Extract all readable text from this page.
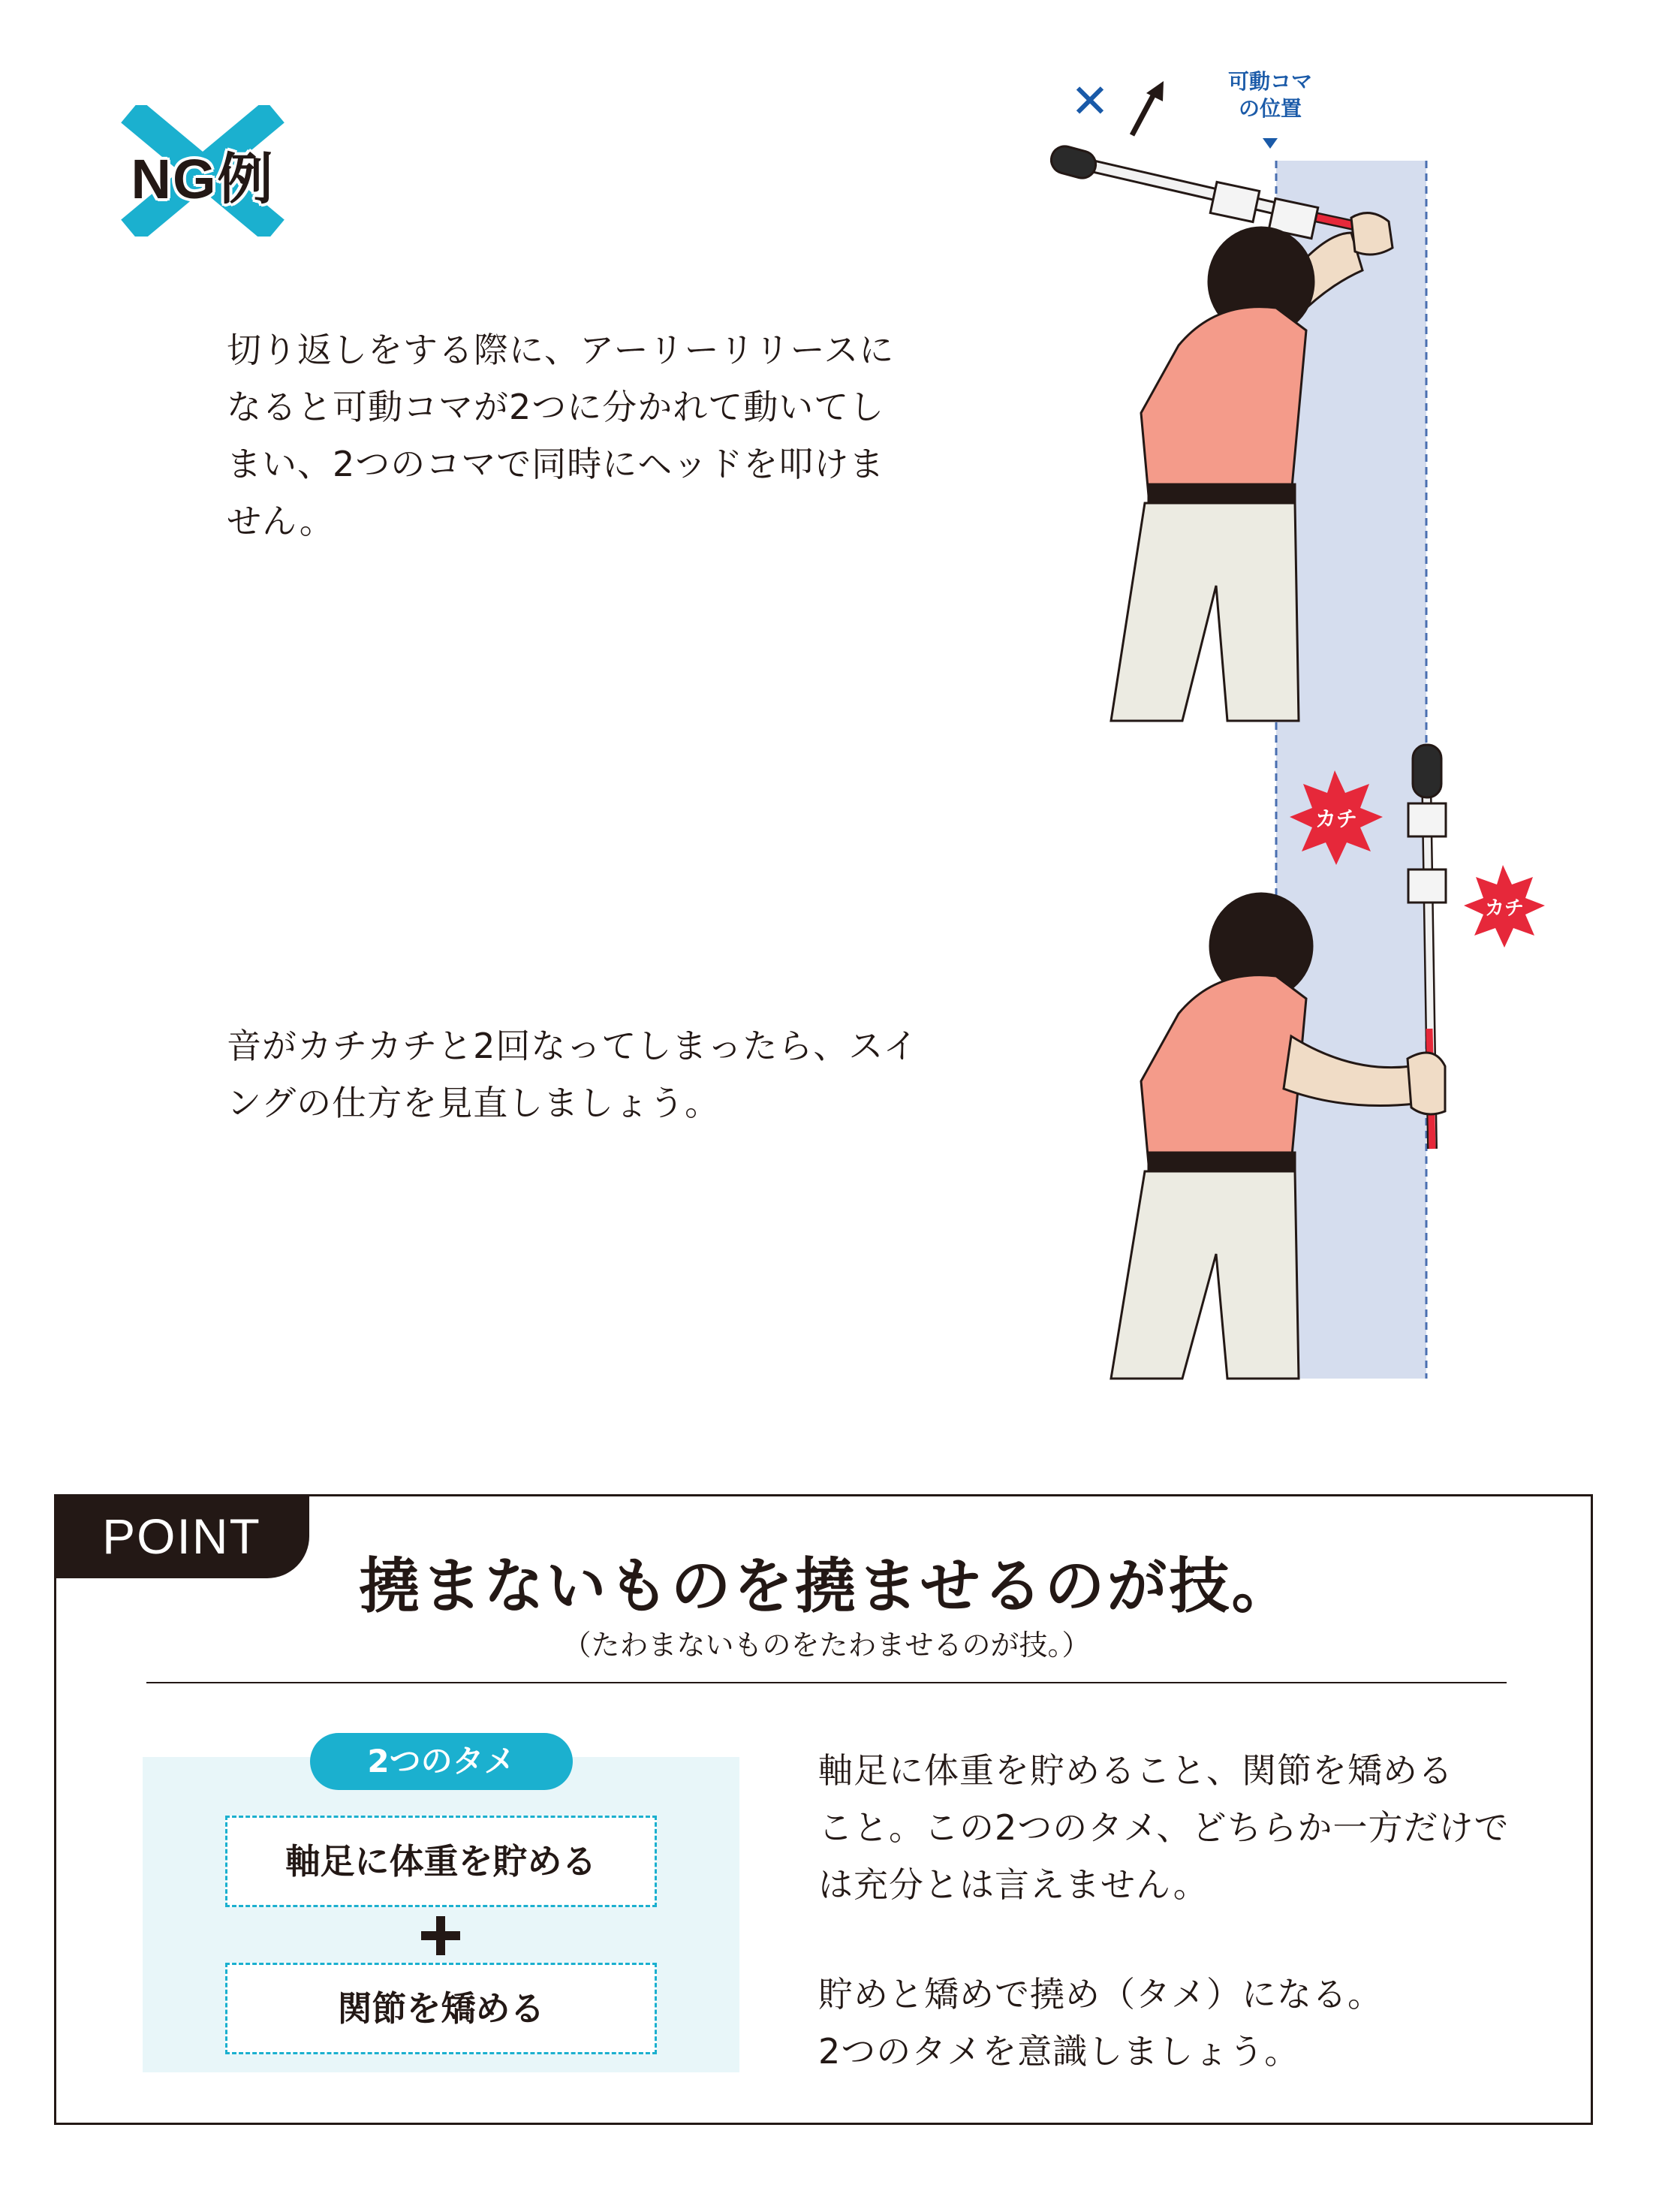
NG例
切り返しをする際に、アーリーリリースに
なると可動コマが2つに分かれて動いてし
まい、2つのコマで同時にヘッドを叩けま
せん。
音がカチカチと2回なってしまったら、スイ
ングの仕方を見直しましょう。
✕	可動コマ
の位置
カチ
カチ
POINT
撓まないものを撓ませるのが技。
（たわまないものをたわませるのが技。）
2つのタメ
軸足に体重を貯める
関節を矯める
軸足に体重を貯めること、関節を矯める
こと。この2つのタメ、どちらか一方だけで
は充分とは言えません。
貯めと矯めで撓め（タメ）になる。
2つのタメを意識しましょう。
